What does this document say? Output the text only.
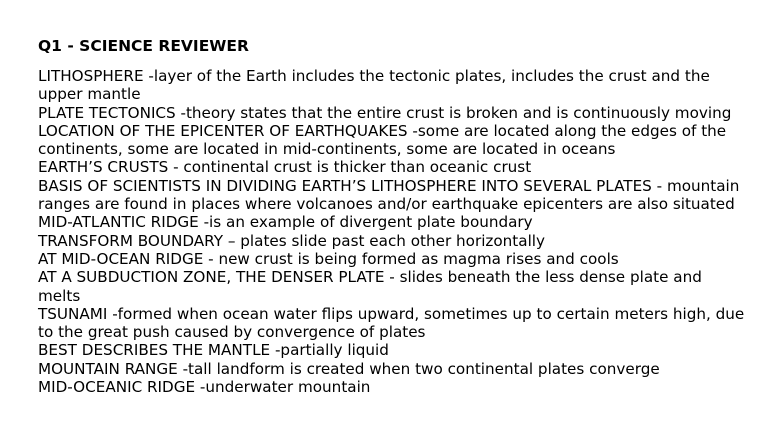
Q1 - SCIENCE REVIEWER

LITHOSPHERE -layer of the Earth includes the tectonic plates, includes the crust and the upper mantle

PLATE TECTONICS -theory states that the entire crust is broken and is continuously moving

LOCATION OF THE EPICENTER OF EARTHQUAKES -some are located along the edges of the continents, some are located in mid-continents, some are located in oceans

EARTH’S CRUSTS - continental crust is thicker than oceanic crust

BASIS OF SCIENTISTS IN DIVIDING EARTH’S LITHOSPHERE INTO SEVERAL PLATES - mountain ranges are found in places where volcanoes and/or earthquake epicenters are also situated

MID-ATLANTIC RIDGE -is an example of divergent plate boundary

TRANSFORM BOUNDARY – plates slide past each other horizontally

AT MID-OCEAN RIDGE - new crust is being formed as magma rises and cools

AT A SUBDUCTION ZONE, THE DENSER PLATE - slides beneath the less dense plate and melts

TSUNAMI -formed when ocean water flips upward, sometimes up to certain meters high, due to the great push caused by convergence of plates

BEST DESCRIBES THE MANTLE -partially liquid

MOUNTAIN RANGE -tall landform is created when two continental plates converge

MID-OCEANIC RIDGE -underwater mountain
